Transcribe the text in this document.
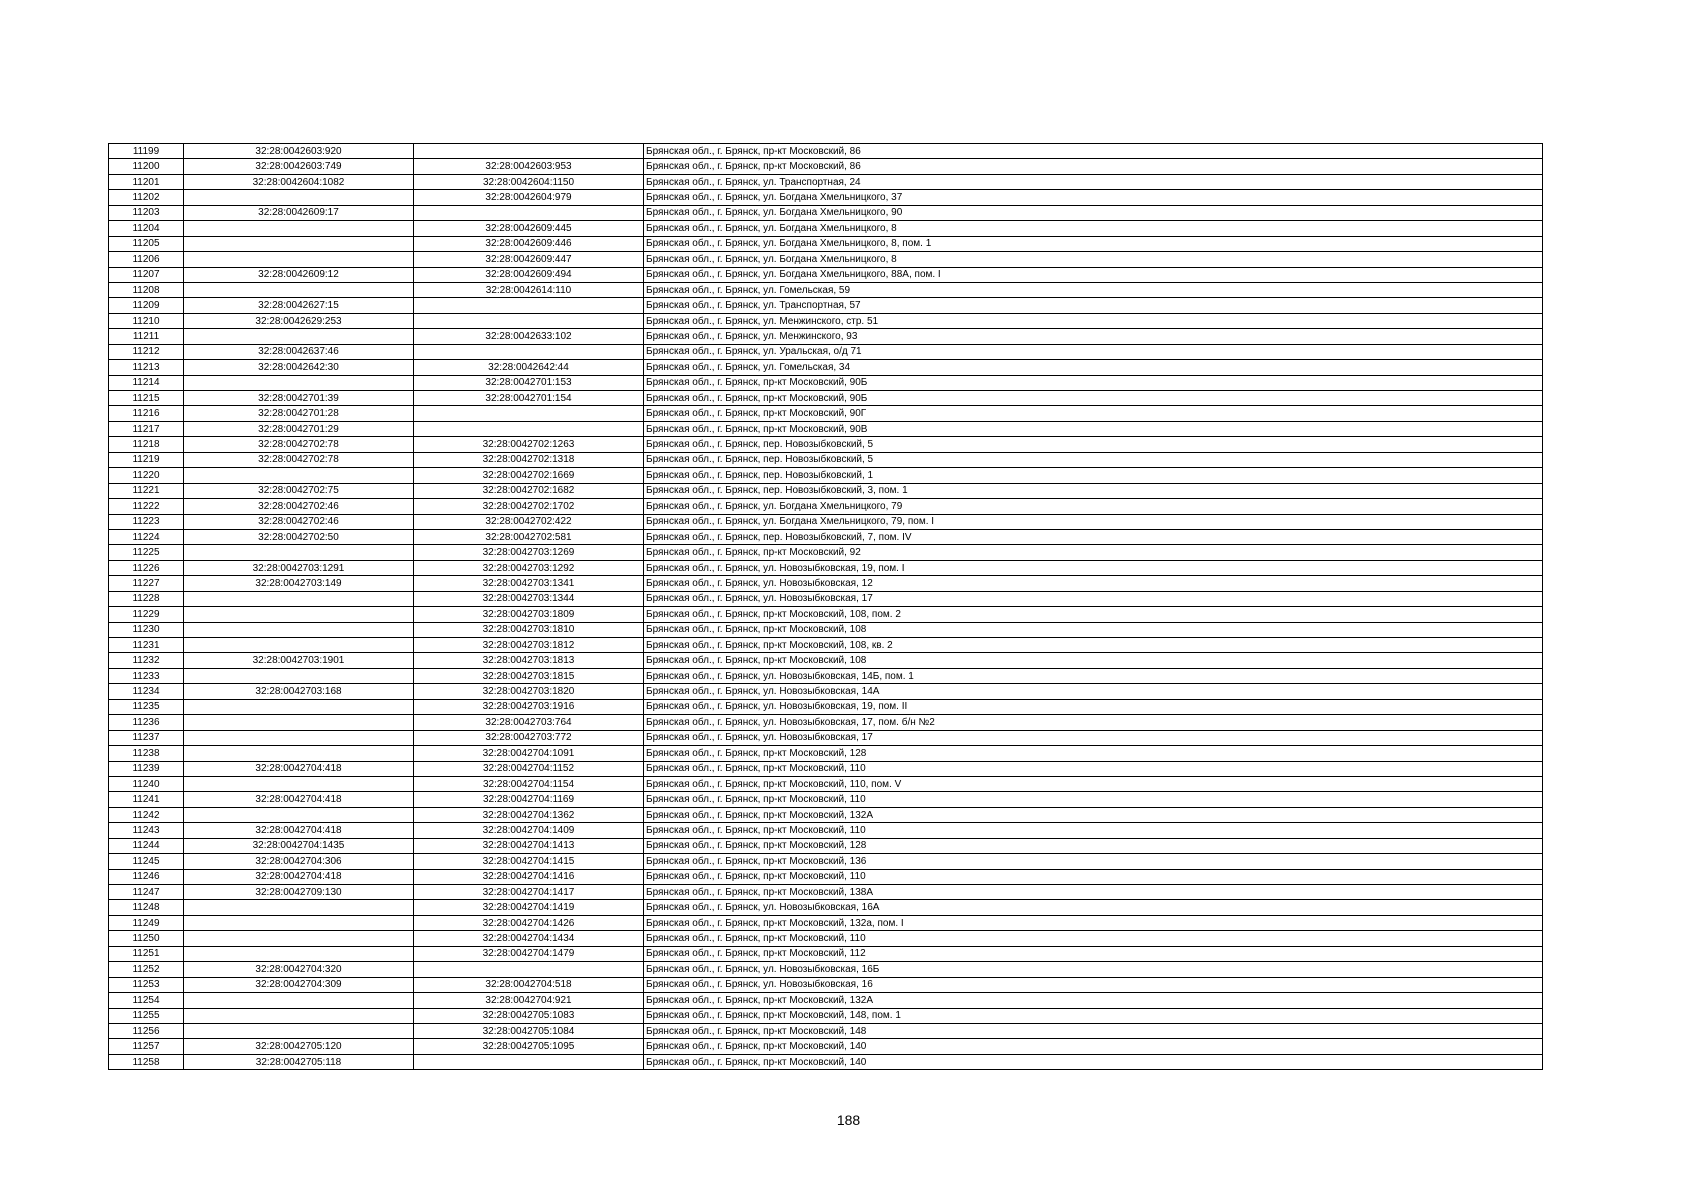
11199	32:28:0042603:920		Брянская обл., г. Брянск, пр-кт Московский, 86
11200	32:28:0042603:749	32:28:0042603:953	Брянская обл., г. Брянск, пр-кт Московский, 86
11201	32:28:0042604:1082	32:28:0042604:1150	Брянская обл., г. Брянск, ул. Транспортная, 24
11202		32:28:0042604:979	Брянская обл., г. Брянск, ул. Богдана Хмельницкого, 37
11203	32:28:0042609:17		Брянская обл., г. Брянск, ул. Богдана Хмельницкого, 90
11204		32:28:0042609:445	Брянская обл., г. Брянск, ул. Богдана Хмельницкого, 8
11205		32:28:0042609:446	Брянская обл., г. Брянск, ул. Богдана Хмельницкого, 8, пом. 1
11206		32:28:0042609:447	Брянская обл., г. Брянск, ул. Богдана Хмельницкого, 8
11207	32:28:0042609:12	32:28:0042609:494	Брянская обл., г. Брянск, ул. Богдана Хмельницкого, 88А, пом. I
11208		32:28:0042614:110	Брянская обл., г. Брянск, ул. Гомельская, 59
11209	32:28:0042627:15		Брянская обл., г. Брянск, ул. Транспортная, 57
11210	32:28:0042629:253		Брянская обл., г. Брянск, ул. Менжинского, стр. 51
11211		32:28:0042633:102	Брянская обл., г. Брянск, ул. Менжинского, 93
11212	32:28:0042637:46		Брянская обл., г. Брянск, ул. Уральская, о/д 71
11213	32:28:0042642:30	32:28:0042642:44	Брянская обл., г. Брянск, ул. Гомельская, 34
11214		32:28:0042701:153	Брянская обл., г. Брянск, пр-кт Московский, 90Б
11215	32:28:0042701:39	32:28:0042701:154	Брянская обл., г. Брянск, пр-кт Московский, 90Б
11216	32:28:0042701:28		Брянская обл., г. Брянск, пр-кт Московский, 90Г
11217	32:28:0042701:29		Брянская обл., г. Брянск, пр-кт Московский, 90В
11218	32:28:0042702:78	32:28:0042702:1263	Брянская обл., г. Брянск, пер. Новозыбковский, 5
11219	32:28:0042702:78	32:28:0042702:1318	Брянская обл., г. Брянск, пер. Новозыбковский, 5
11220		32:28:0042702:1669	Брянская обл., г. Брянск, пер. Новозыбковский, 1
11221	32:28:0042702:75	32:28:0042702:1682	Брянская обл., г. Брянск, пер. Новозыбковский, 3, пом. 1
11222	32:28:0042702:46	32:28:0042702:1702	Брянская обл., г. Брянск, ул. Богдана Хмельницкого, 79
11223	32:28:0042702:46	32:28:0042702:422	Брянская обл., г. Брянск, ул. Богдана Хмельницкого, 79, пом. I
11224	32:28:0042702:50	32:28:0042702:581	Брянская обл., г. Брянск, пер. Новозыбковский, 7, пом. IV
11225		32:28:0042703:1269	Брянская обл., г. Брянск, пр-кт Московский, 92
11226	32:28:0042703:1291	32:28:0042703:1292	Брянская обл., г. Брянск, ул. Новозыбковская, 19, пом. I
11227	32:28:0042703:149	32:28:0042703:1341	Брянская обл., г. Брянск, ул. Новозыбковская, 12
11228		32:28:0042703:1344	Брянская обл., г. Брянск, ул. Новозыбковская, 17
11229		32:28:0042703:1809	Брянская обл., г. Брянск, пр-кт Московский, 108, пом. 2
11230		32:28:0042703:1810	Брянская обл., г. Брянск, пр-кт Московский, 108
11231		32:28:0042703:1812	Брянская обл., г. Брянск, пр-кт Московский, 108, кв. 2
11232	32:28:0042703:1901	32:28:0042703:1813	Брянская обл., г. Брянск, пр-кт Московский, 108
11233		32:28:0042703:1815	Брянская обл., г. Брянск, ул. Новозыбковская, 14Б, пом. 1
11234	32:28:0042703:168	32:28:0042703:1820	Брянская обл., г. Брянск, ул. Новозыбковская, 14А
11235		32:28:0042703:1916	Брянская обл., г. Брянск, ул. Новозыбковская, 19, пом. II
11236		32:28:0042703:764	Брянская обл., г. Брянск, ул. Новозыбковская, 17, пом. б/н №2
11237		32:28:0042703:772	Брянская обл., г. Брянск, ул. Новозыбковская, 17
11238		32:28:0042704:1091	Брянская обл., г. Брянск, пр-кт Московский, 128
11239	32:28:0042704:418	32:28:0042704:1152	Брянская обл., г. Брянск, пр-кт Московский, 110
11240		32:28:0042704:1154	Брянская обл., г. Брянск, пр-кт Московский, 110, пом. V
11241	32:28:0042704:418	32:28:0042704:1169	Брянская обл., г. Брянск, пр-кт Московский, 110
11242		32:28:0042704:1362	Брянская обл., г. Брянск, пр-кт Московский, 132А
11243	32:28:0042704:418	32:28:0042704:1409	Брянская обл., г. Брянск, пр-кт Московский, 110
11244	32:28:0042704:1435	32:28:0042704:1413	Брянская обл., г. Брянск, пр-кт Московский, 128
11245	32:28:0042704:306	32:28:0042704:1415	Брянская обл., г. Брянск, пр-кт Московский, 136
11246	32:28:0042704:418	32:28:0042704:1416	Брянская обл., г. Брянск, пр-кт Московский, 110
11247	32:28:0042709:130	32:28:0042704:1417	Брянская обл., г. Брянск, пр-кт Московский, 138А
11248		32:28:0042704:1419	Брянская обл., г. Брянск, ул. Новозыбковская, 16А
11249		32:28:0042704:1426	Брянская обл., г. Брянск, пр-кт Московский, 132а, пом. I
11250		32:28:0042704:1434	Брянская обл., г. Брянск, пр-кт Московский, 110
11251		32:28:0042704:1479	Брянская обл., г. Брянск, пр-кт Московский, 112
11252	32:28:0042704:320		Брянская обл., г. Брянск, ул. Новозыбковская, 16Б
11253	32:28:0042704:309	32:28:0042704:518	Брянская обл., г. Брянск, ул. Новозыбковская, 16
11254		32:28:0042704:921	Брянская обл., г. Брянск, пр-кт Московский, 132А
11255		32:28:0042705:1083	Брянская обл., г. Брянск, пр-кт Московский, 148, пом. 1
11256		32:28:0042705:1084	Брянская обл., г. Брянск, пр-кт Московский, 148
11257	32:28:0042705:120	32:28:0042705:1095	Брянская обл., г. Брянск, пр-кт Московский, 140
11258	32:28:0042705:118		Брянская обл., г. Брянск, пр-кт Московский, 140
188
